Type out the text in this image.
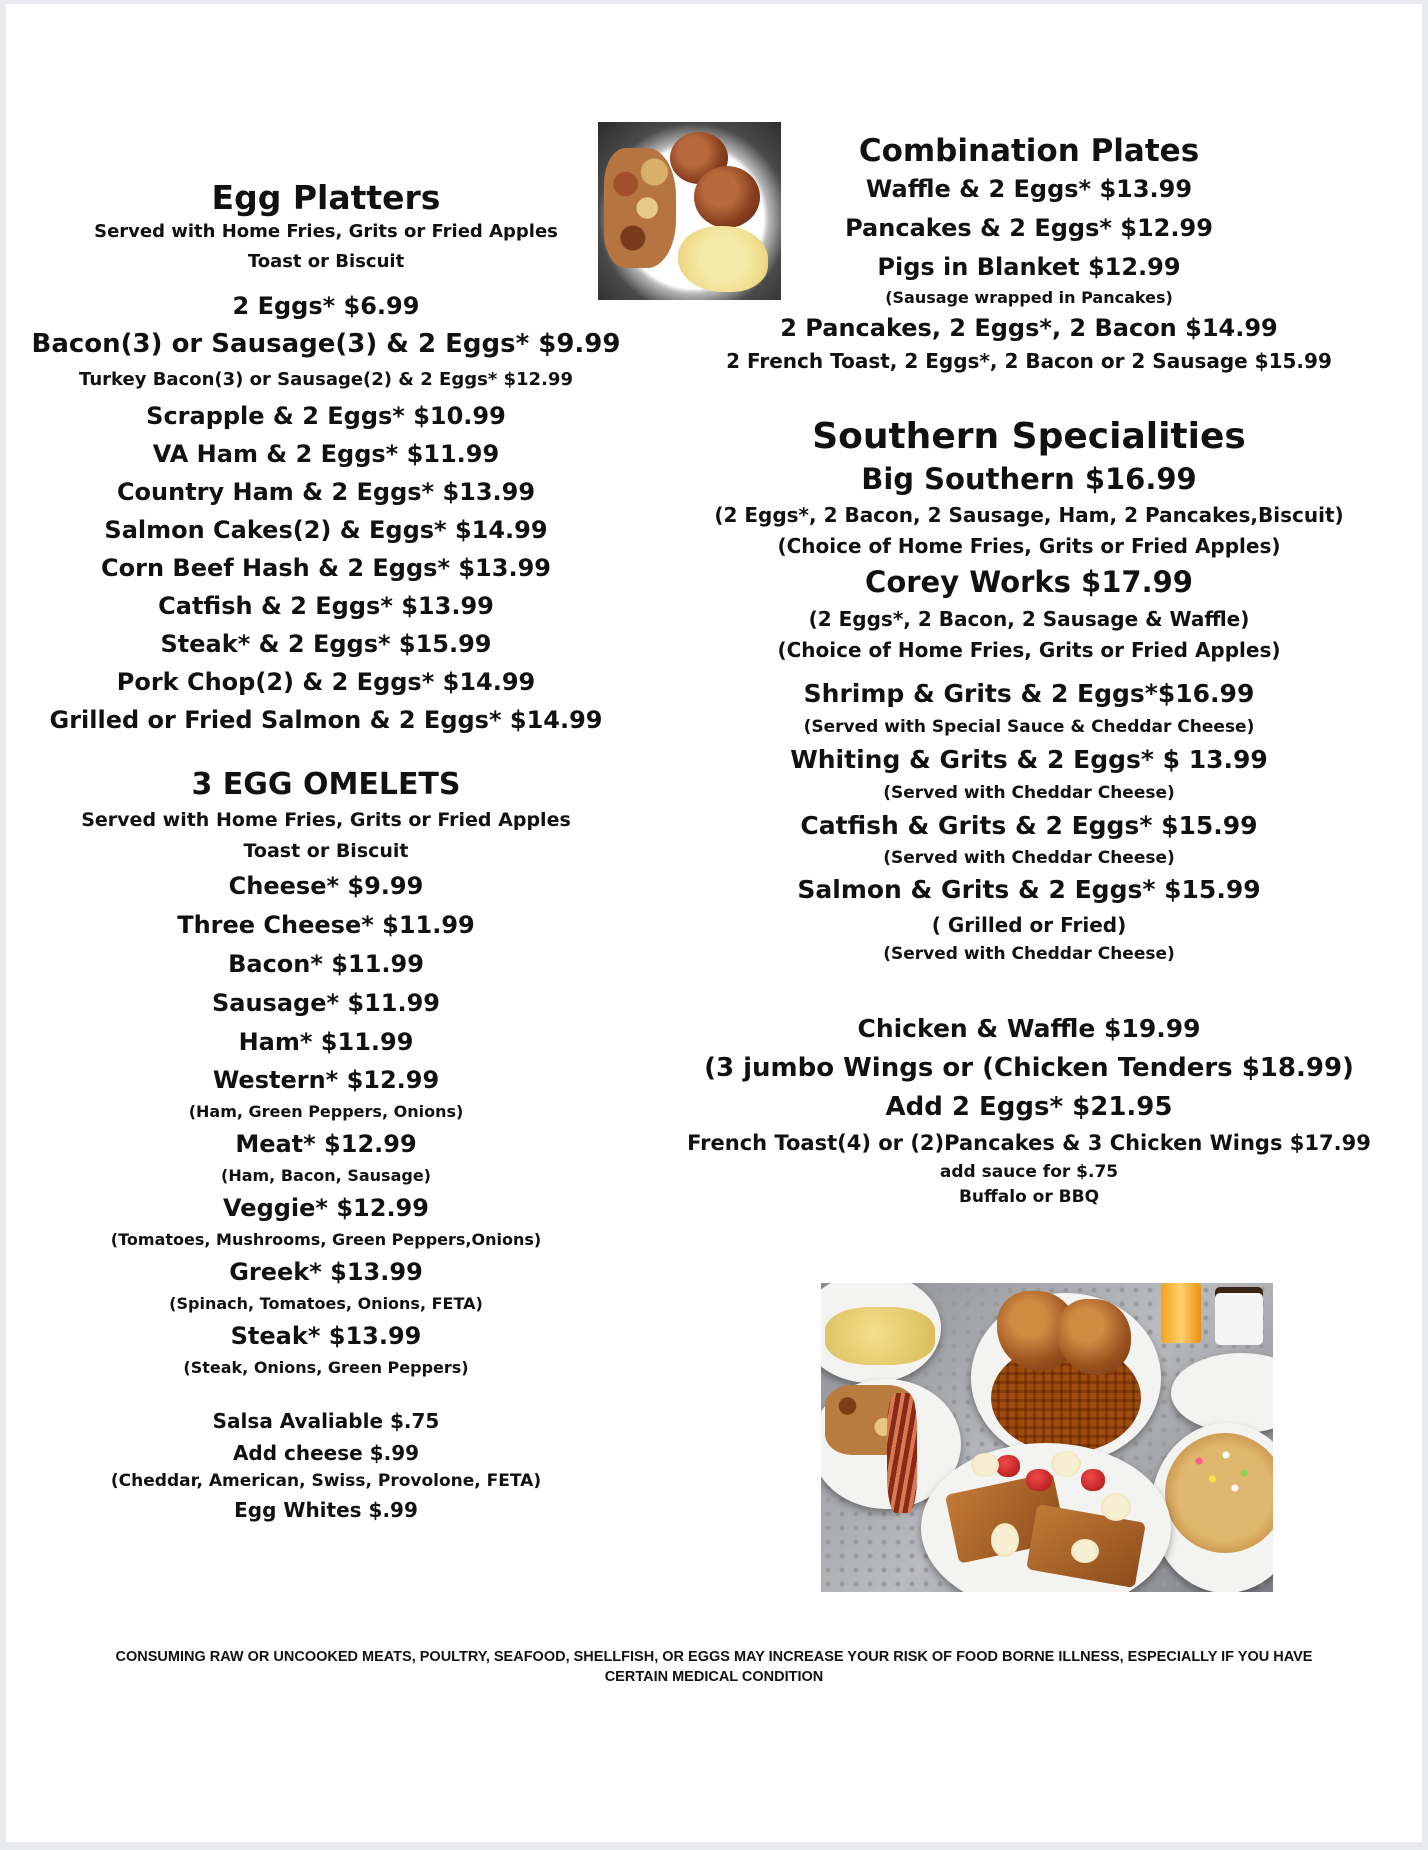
Egg Platters
Served with Home Fries, Grits or Fried Apples
Toast or Biscuit
2 Eggs* $6.99
Bacon(3) or Sausage(3) & 2 Eggs* $9.99
Turkey Bacon(3) or Sausage(2) & 2 Eggs* $12.99
Scrapple & 2 Eggs* $10.99
VA Ham & 2 Eggs* $11.99
Country Ham & 2 Eggs* $13.99
Salmon Cakes(2) & Eggs* $14.99
Corn Beef Hash & 2 Eggs* $13.99
Catfish & 2 Eggs* $13.99
Steak* & 2 Eggs* $15.99
Pork Chop(2) & 2 Eggs* $14.99
Grilled or Fried Salmon & 2 Eggs* $14.99
3 EGG OMELETS
Served with Home Fries, Grits or Fried Apples
Toast or Biscuit
Cheese* $9.99
Three Cheese* $11.99
Bacon* $11.99
Sausage* $11.99
Ham* $11.99
Western* $12.99
(Ham, Green Peppers, Onions)
Meat* $12.99
(Ham, Bacon, Sausage)
Veggie* $12.99
(Tomatoes, Mushrooms, Green Peppers,Onions)
Greek* $13.99
(Spinach, Tomatoes, Onions, FETA)
Steak* $13.99
(Steak, Onions, Green Peppers)
Salsa Avaliable $.75
Add cheese $.99
(Cheddar, American, Swiss, Provolone, FETA)
Egg Whites $.99
Combination Plates
Waffle & 2 Eggs* $13.99
Pancakes & 2 Eggs* $12.99
Pigs in Blanket $12.99
(Sausage wrapped in Pancakes)
2 Pancakes, 2 Eggs*, 2 Bacon $14.99
2 French Toast, 2 Eggs*, 2 Bacon or 2 Sausage $15.99
Southern Specialities
Big Southern $16.99
(2 Eggs*, 2 Bacon, 2 Sausage, Ham, 2 Pancakes,Biscuit)
(Choice of Home Fries, Grits or Fried Apples)
Corey Works $17.99
(2 Eggs*, 2 Bacon, 2 Sausage & Waffle)
(Choice of Home Fries, Grits or Fried Apples)
Shrimp & Grits & 2 Eggs*$16.99
(Served with Special Sauce & Cheddar Cheese)
Whiting & Grits & 2 Eggs* $ 13.99
(Served with Cheddar Cheese)
Catfish & Grits & 2 Eggs* $15.99
(Served with Cheddar Cheese)
Salmon & Grits & 2 Eggs* $15.99
( Grilled or Fried)
(Served with Cheddar Cheese)
Chicken & Waffle $19.99
(3 jumbo Wings or (Chicken Tenders $18.99)
Add 2 Eggs* $21.95
French Toast(4) or (2)Pancakes & 3 Chicken Wings $17.99
add sauce for $.75
Buffalo or BBQ
CONSUMING RAW OR UNCOOKED MEATS, POULTRY, SEAFOOD, SHELLFISH, OR EGGS MAY INCREASE YOUR RISK OF FOOD BORNE ILLNESS, ESPECIALLY IF YOU HAVE
CERTAIN MEDICAL CONDITION
